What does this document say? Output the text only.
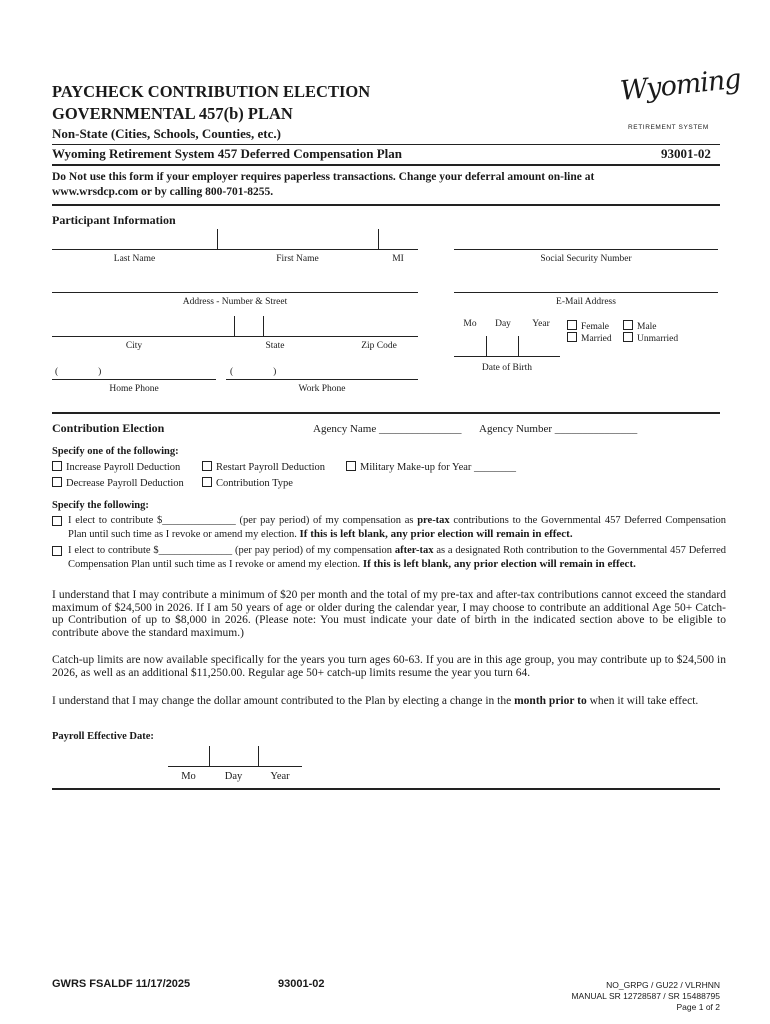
PAYCHECK CONTRIBUTION ELECTION
GOVERNMENTAL 457(b) PLAN
Non-State (Cities, Schools, Counties, etc.)
Wyoming
RETIREMENT SYSTEM
Wyoming Retirement System 457 Deferred Compensation Plan	93001-02
Do Not use this form if your employer requires paperless transactions. Change your deferral amount on-line at
www.wrsdcp.com or by calling 800-701-8255.
Participant Information
Last Name	First Name	MI	Social Security Number
Address - Number & Street	E-Mail Address
City	State	Zip Code
Mo	Day	Year
Date of Birth
Female	Male
Married	Unmarried
(	)
Home Phone
(	)
Work Phone
Contribution Election	Agency Name _______________ Agency Number _______________
Specify one of the following:
Increase Payroll Deduction	Restart Payroll Deduction	Military Make-up for Year ________
Decrease Payroll Deduction	Contribution Type
Specify the following:
I elect to contribute $______________ (per pay period) of my compensation as pre-tax contributions to the Governmental 457 Deferred Compensation Plan until such time as I revoke or amend my election. If this is left blank, any prior election will remain in effect.
I elect to contribute $______________ (per pay period) of my compensation after-tax as a designated Roth contribution to the Governmental 457 Deferred Compensation Plan until such time as I revoke or amend my election. If this is left blank, any prior election will remain in effect.
I understand that I may contribute a minimum of $20 per month and the total of my pre-tax and after-tax contributions cannot exceed the standard maximum of $24,500 in 2026. If I am 50 years of age or older during the calendar year, I may choose to contribute an additional Age 50+ Catch-up Contribution of up to $8,000 in 2026. (Please note: You must indicate your date of birth in the indicated section above to be eligible to contribute above the standard maximum.)
Catch-up limits are now available specifically for the years you turn ages 60-63. If you are in this age group, you may contribute up to $24,500 in 2026, as well as an additional $11,250.00. Regular age 50+ catch-up limits resume the year you turn 64.
I understand that I may change the dollar amount contributed to the Plan by electing a change in the month prior to when it will take effect.
Payroll Effective Date:
Mo	Day	Year
GWRS FSALDF 11/17/2025	93001-02	NO_GRPG / GU22 / VLRHNN
MANUAL SR 12728587 / SR 15488795
Page 1 of 2
